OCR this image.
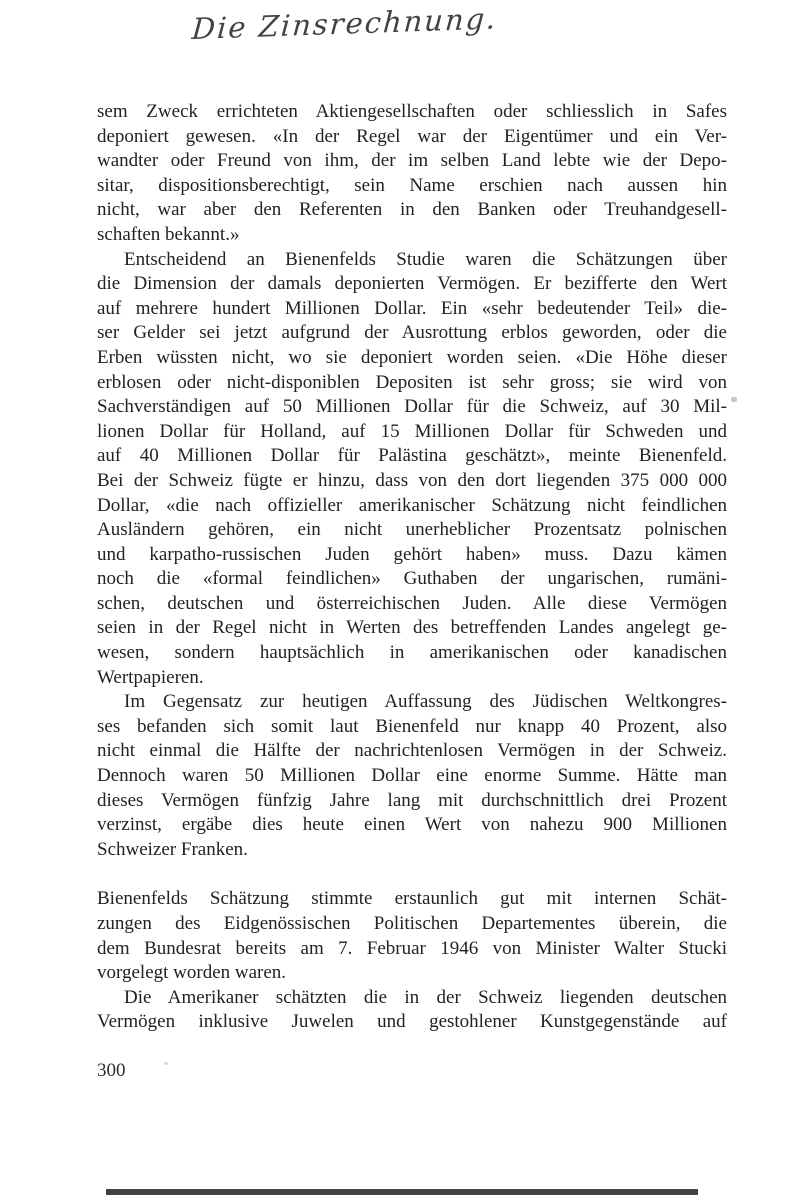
Die Zinsrechnung.
sem Zweck errichteten Aktiengesellschaften oder schliesslich in Safes
deponiert gewesen. «In der Regel war der Eigentümer und ein Ver-
wandter oder Freund von ihm, der im selben Land lebte wie der Depo-
sitar, dispositionsberechtigt, sein Name erschien nach aussen hin
nicht, war aber den Referenten in den Banken oder Treuhandgesell-
schaften bekannt.»
Entscheidend an Bienenfelds Studie waren die Schätzungen über
die Dimension der damals deponierten Vermögen. Er bezifferte den Wert
auf mehrere hundert Millionen Dollar. Ein «sehr bedeutender Teil» die-
ser Gelder sei jetzt aufgrund der Ausrottung erblos geworden, oder die
Erben wüssten nicht, wo sie deponiert worden seien. «Die Höhe dieser
erblosen oder nicht-disponiblen Depositen ist sehr gross; sie wird von
Sachverständigen auf 50 Millionen Dollar für die Schweiz, auf 30 Mil-
lionen Dollar für Holland, auf 15 Millionen Dollar für Schweden und
auf 40 Millionen Dollar für Palästina geschätzt», meinte Bienenfeld.
Bei der Schweiz fügte er hinzu, dass von den dort liegenden 375 000 000
Dollar, «die nach offizieller amerikanischer Schätzung nicht feindlichen
Ausländern gehören, ein nicht unerheblicher Prozentsatz polnischen
und karpatho-russischen Juden gehört haben» muss. Dazu kämen
noch die «formal feindlichen» Guthaben der ungarischen, rumäni-
schen, deutschen und österreichischen Juden. Alle diese Vermögen
seien in der Regel nicht in Werten des betreffenden Landes angelegt ge-
wesen, sondern hauptsächlich in amerikanischen oder kanadischen
Wertpapieren.
Im Gegensatz zur heutigen Auffassung des Jüdischen Weltkongres-
ses befanden sich somit laut Bienenfeld nur knapp 40 Prozent, also
nicht einmal die Hälfte der nachrichtenlosen Vermögen in der Schweiz.
Dennoch waren 50 Millionen Dollar eine enorme Summe. Hätte man
dieses Vermögen fünfzig Jahre lang mit durchschnittlich drei Prozent
verzinst, ergäbe dies heute einen Wert von nahezu 900 Millionen
Schweizer Franken.
Bienenfelds Schätzung stimmte erstaunlich gut mit internen Schät-
zungen des Eidgenössischen Politischen Departementes überein, die
dem Bundesrat bereits am 7. Februar 1946 von Minister Walter Stucki
vorgelegt worden waren.
Die Amerikaner schätzten die in der Schweiz liegenden deutschen
Vermögen inklusive Juwelen und gestohlener Kunstgegenstände auf
300
